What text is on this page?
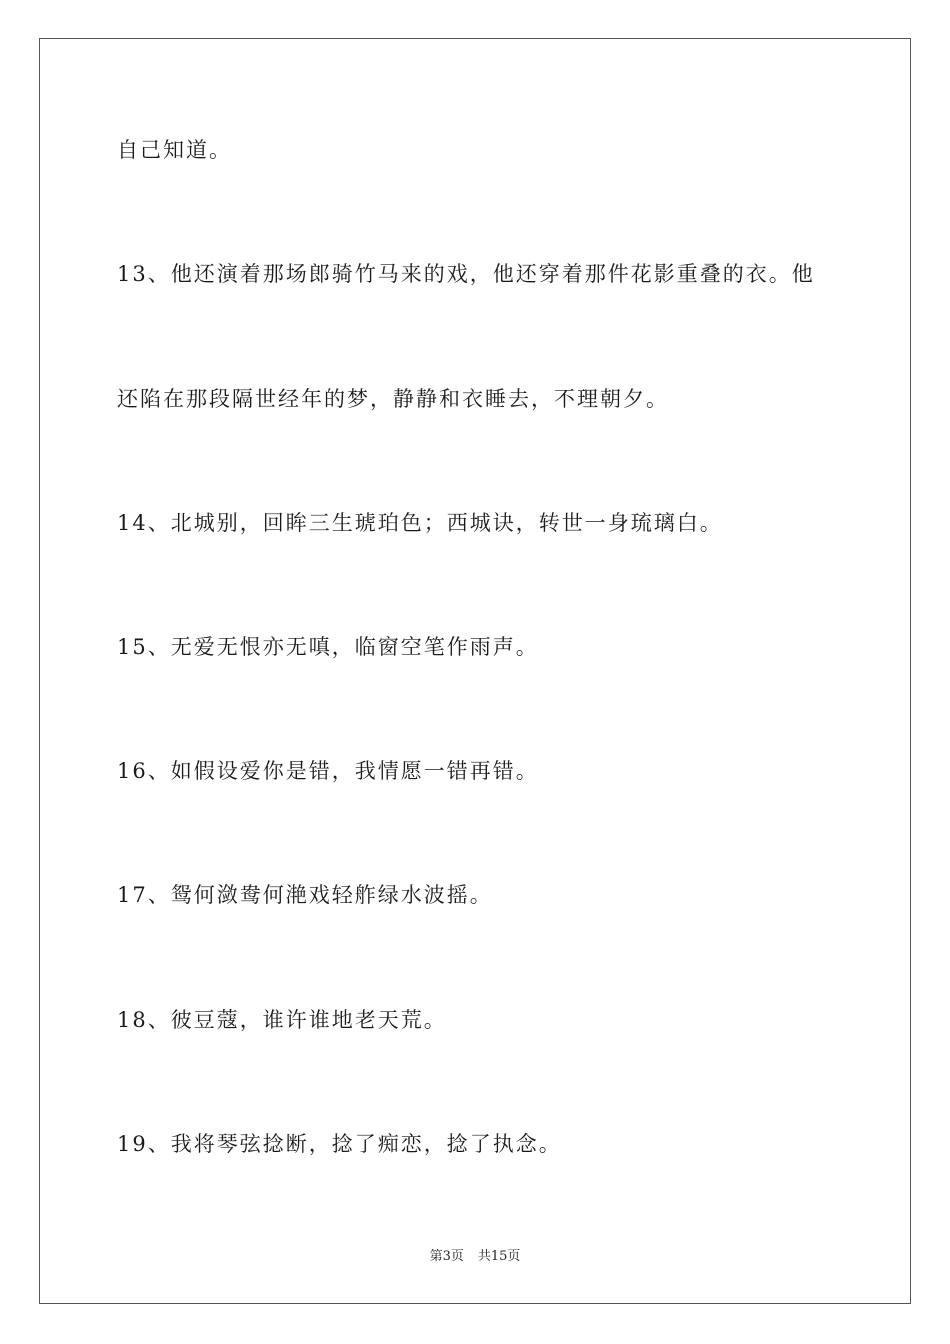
自己知道。
13、他还演着那场郎骑竹马来的戏，他还穿着那件花影重叠的衣。他
还陷在那段隔世经年的梦，静静和衣睡去，不理朝夕。
14、北城别，回眸三生琥珀色；西城诀，转世一身琉璃白。
15、无爱无恨亦无嗔，临窗空笔作雨声。
16、如假设爱你是错，我情愿一错再错。
17、鸳何潋鸯何滟戏轻舴绿水波摇。
18、彼豆蔻，谁许谁地老天荒。
19、我将琴弦捻断，捻了痴恋，捻了执念。
第3页 共15页
